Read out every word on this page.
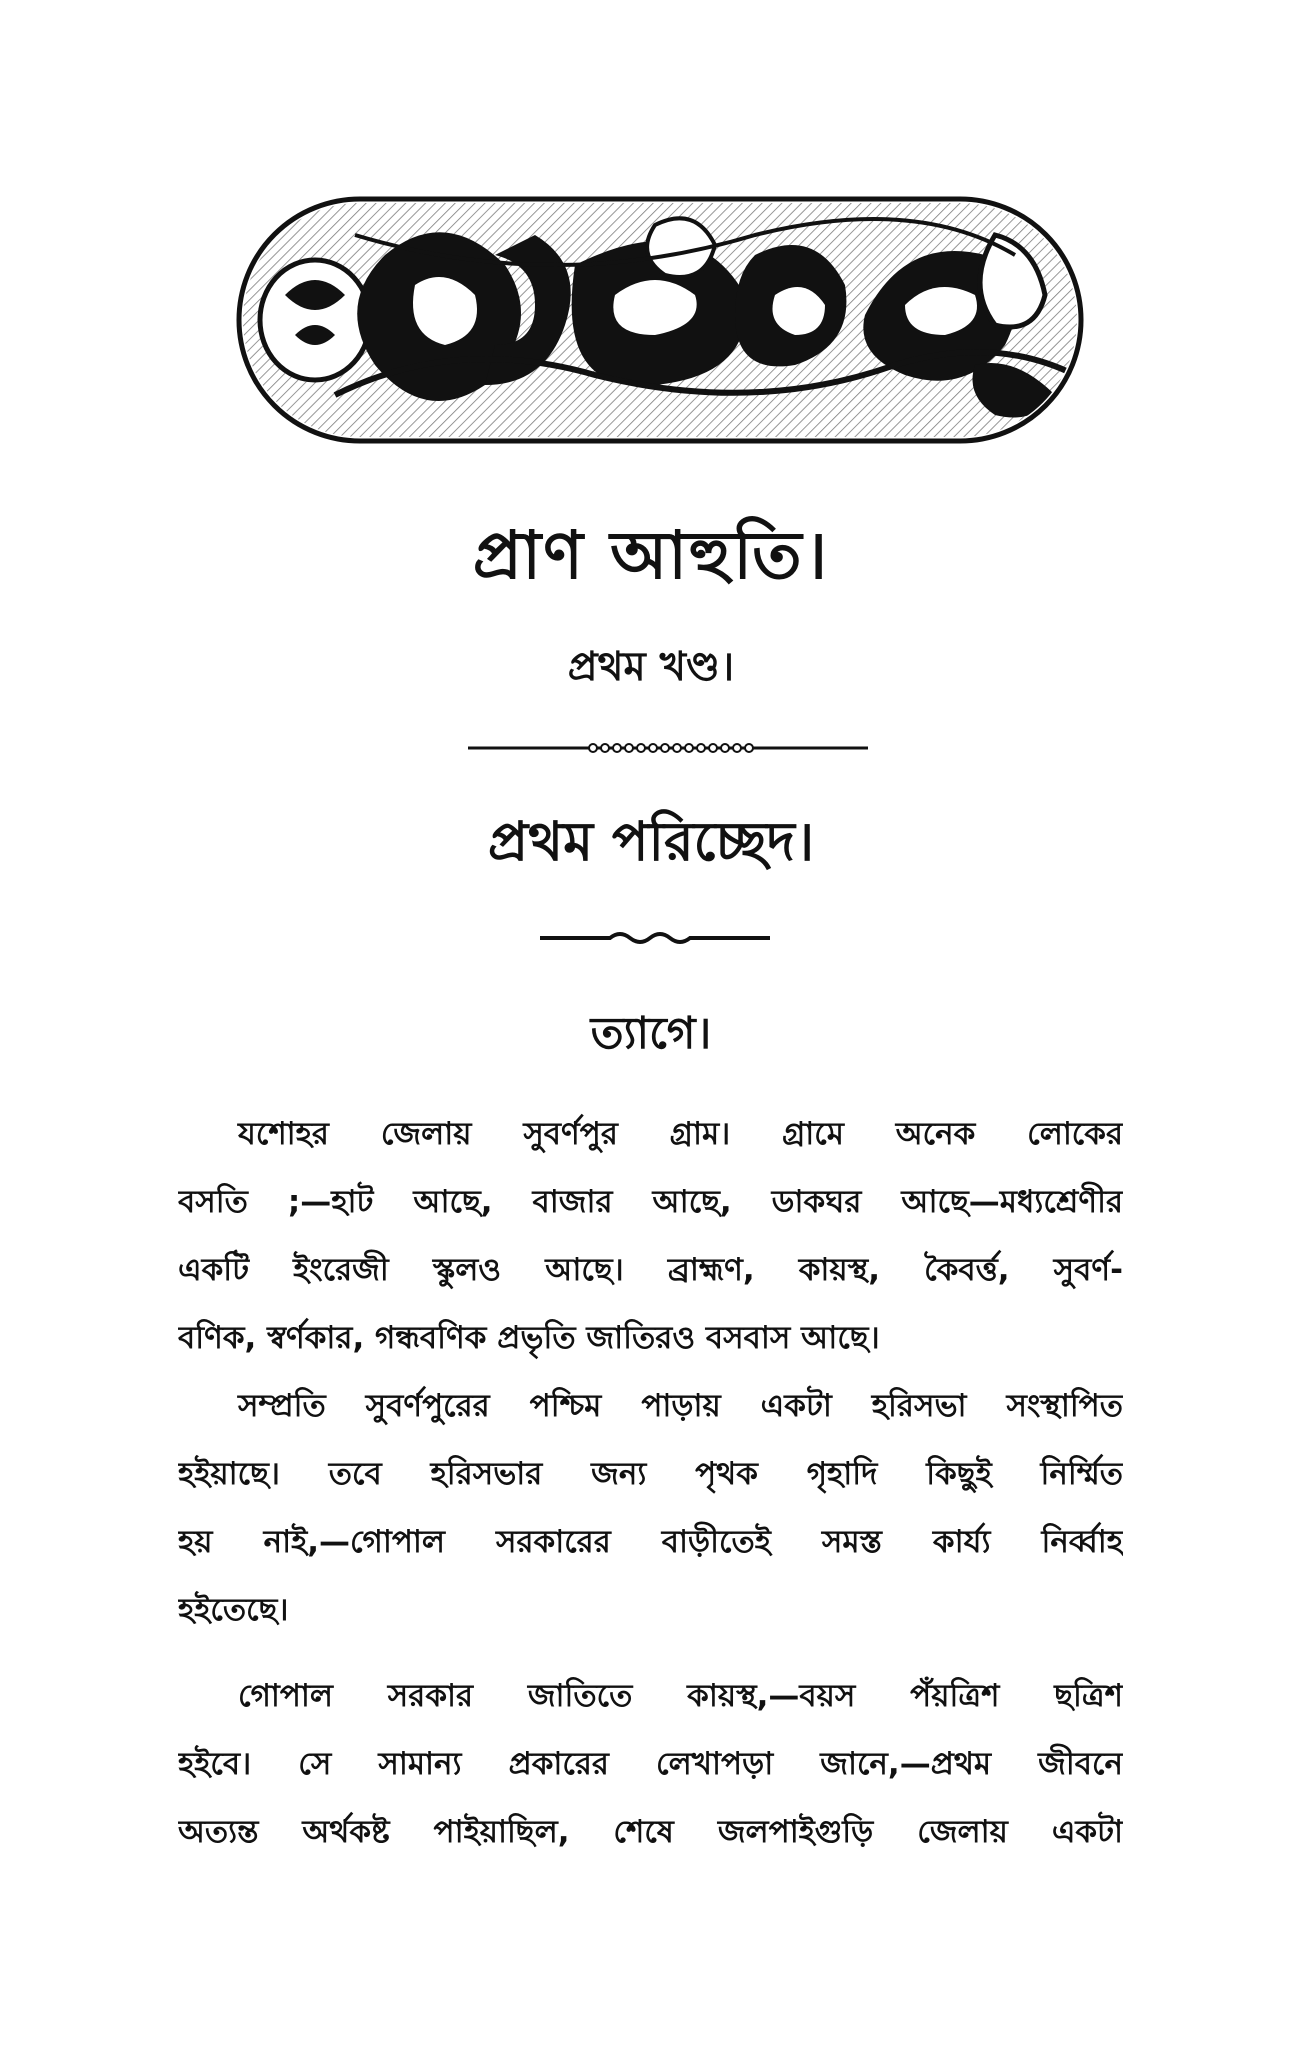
প্রাণ আহুতি।
প্রথম খণ্ড।
প্রথম পরিচ্ছেদ।
ত্যাগে।
যশোহর জেলায় সুবর্ণপুর গ্রাম। গ্রামে অনেক লোকের
বসতি ;—হাট আছে, বাজার আছে, ডাকঘর আছে—মধ্যশ্রেণীর
একটি ইংরেজী স্কুলও আছে। ব্রাহ্মণ, কায়স্থ, কৈবর্ত্ত, সুবর্ণ-
বণিক, স্বর্ণকার, গন্ধবণিক প্রভৃতি জাতিরও বসবাস আছে।
সম্প্রতি সুবর্ণপুরের পশ্চিম পাড়ায় একটা হরিসভা সংস্থাপিত
হইয়াছে। তবে হরিসভার জন্য পৃথক গৃহাদি কিছুই নির্ম্মিত
হয় নাই,—গোপাল সরকারের বাড়ীতেই সমস্ত কার্য্য নির্ব্বাহ
হইতেছে।
গোপাল সরকার জাতিতে কায়স্থ,—বয়স পঁয়ত্রিশ ছত্রিশ
হইবে। সে সামান্য প্রকারের লেখাপড়া জানে,—প্রথম জীবনে
অত্যন্ত অর্থকষ্ট পাইয়াছিল, শেষে জলপাইগুড়ি জেলায় একটা
